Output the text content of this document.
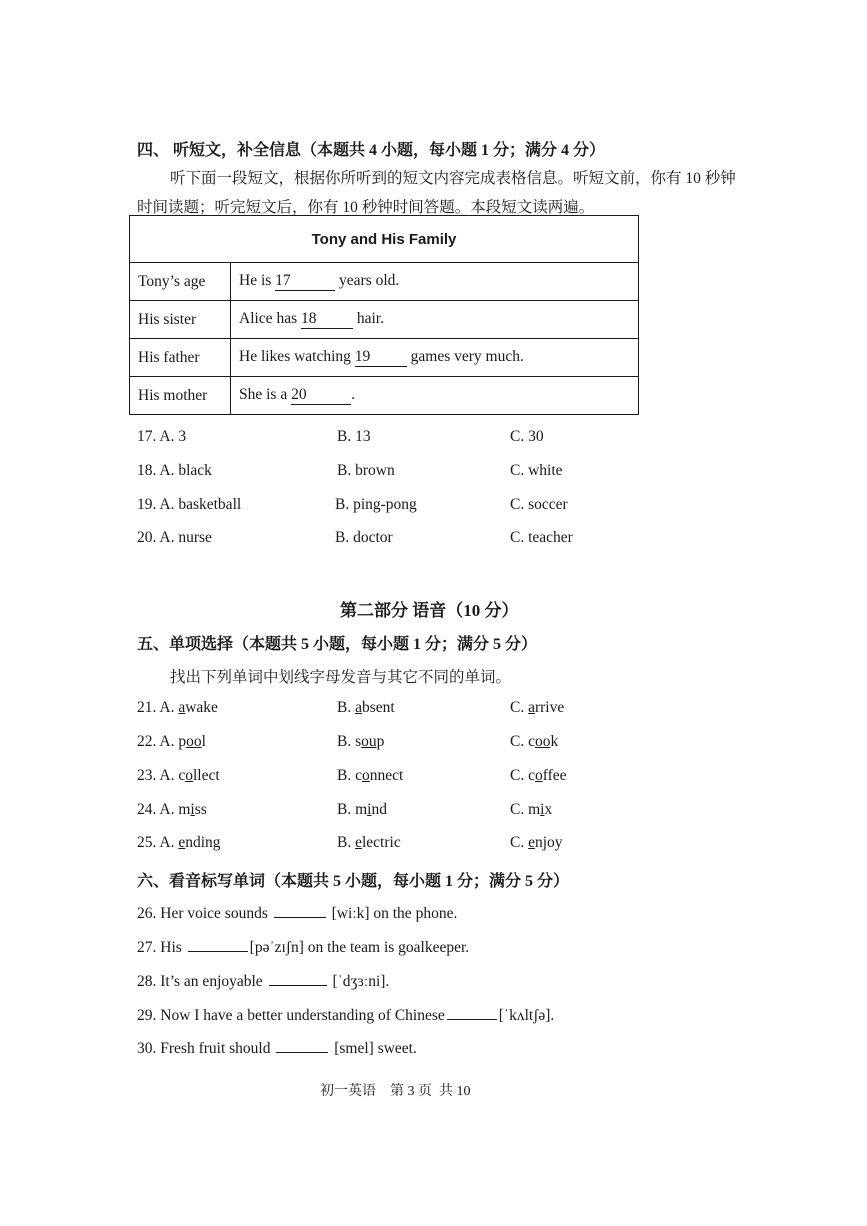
四、 听短文，补全信息（本题共 4 小题，每小题 1 分；满分 4 分）
听下面一段短文，根据你所听到的短文内容完成表格信息。听短文前，你有 10 秒钟
时间读题；听完短文后，你有 10 秒钟时间答题。本段短文读两遍。
Tony and His Family	
Tony’s age	He is 17 years old.
His sister	Alice has 18 hair.
His father	He likes watching 19 games very much.
His mother	She is a 20 .
17. A. 3	B. 13	C. 30
18. A. black	B. brown	C. white
19. A. basketball	B. ping-pong	C. soccer
20. A. nurse	B. doctor	C. teacher
第二部分 语音（10 分）
五、单项选择（本题共 5 小题，每小题 1 分；满分 5 分）
找出下列单词中划线字母发音与其它不同的单词。
21. A. awake	B. absent	C. arrive
22. A. pool	B. soup	C. cook
23. A. collect	B. connect	C. coffee
24. A. miss	B. mind	C. mix
25. A. ending	B. electric	C. enjoy
六、看音标写单词（本题共 5 小题，每小题 1 分；满分 5 分）
26. Her voice sounds	[wiːk] on the phone.
27. His	[pəˈzɪʃn] on the team is goalkeeper.
28. It’s an enjoyable	[ˈdʒɜːni].
29. Now I have a better understanding of Chinese	[ˈkʌltʃə].
30. Fresh fruit should	[smel] sweet.
初一英语    第 3 页  共 10
